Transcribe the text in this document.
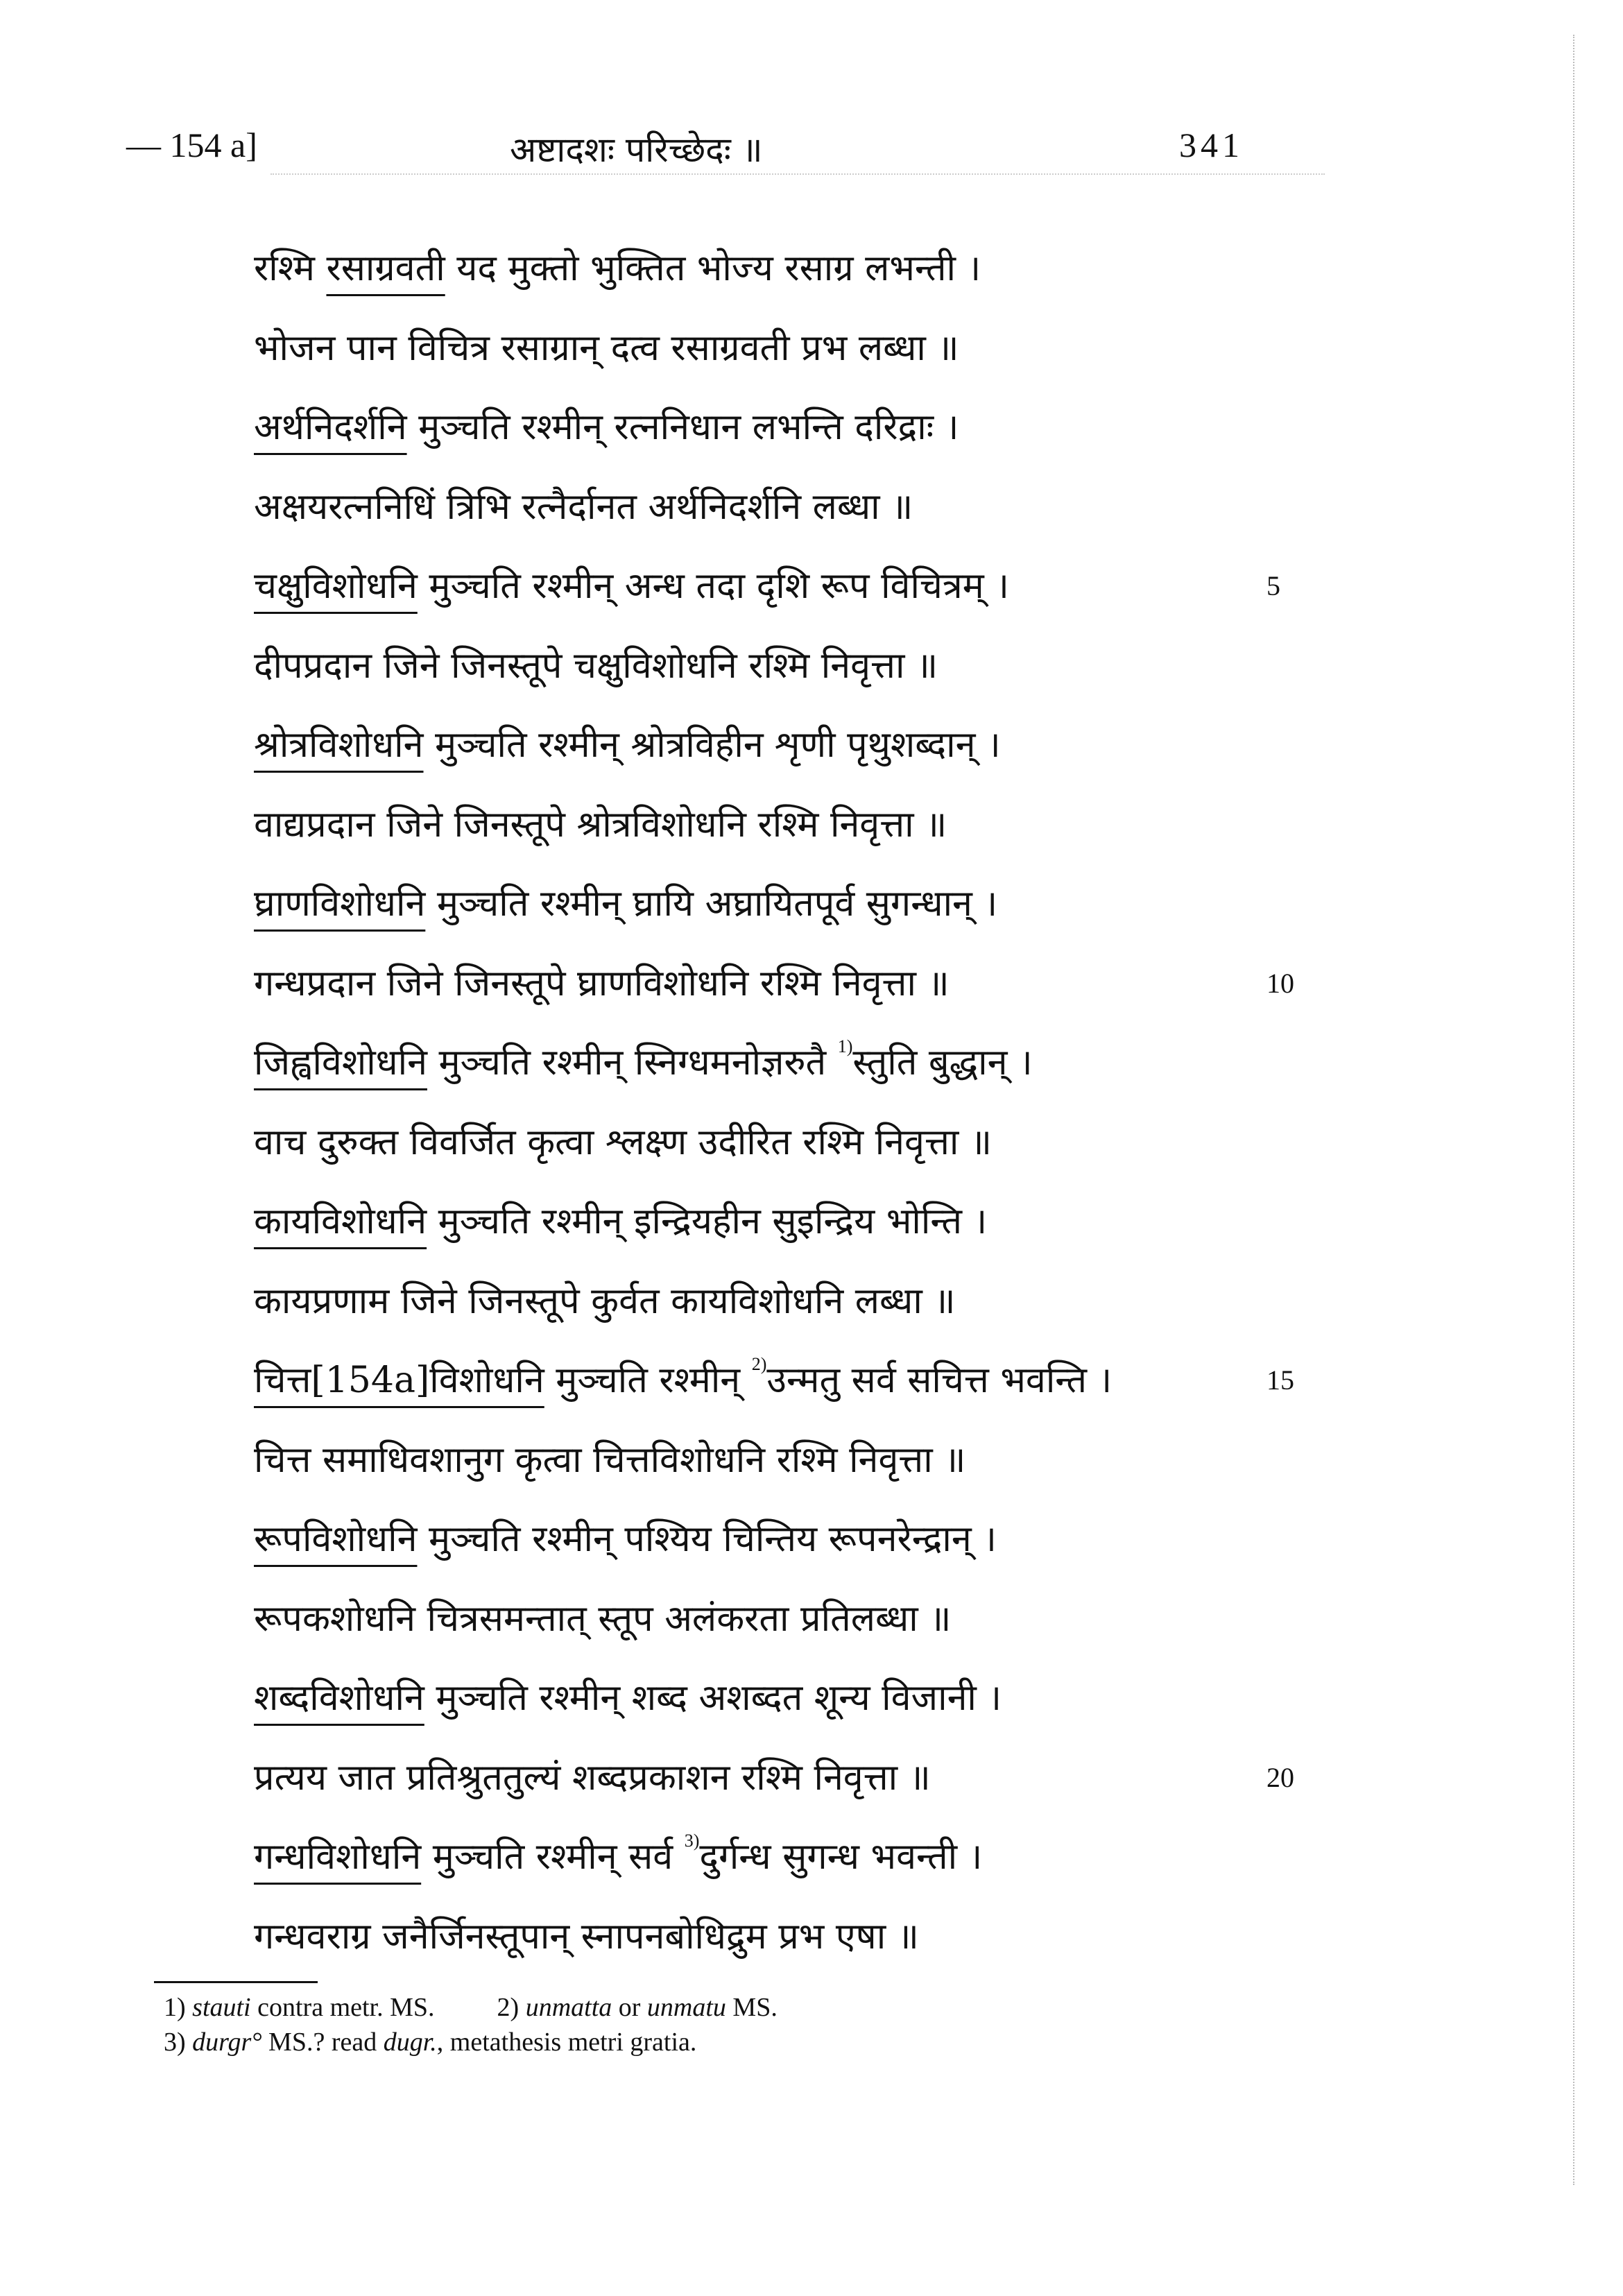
— 154 a]	अष्टादशः परिच्छेदः ॥	341
रश्मि रसाग्रवती यद मुक्तो भुक्तित भोज्य रसाग्र लभन्ती ।
भोजन पान विचित्र रसाग्रान् दत्व रसाग्रवती प्रभ लब्धा ॥
अर्थनिदर्शनि मुञ्चति रश्मीन् रत्ननिधान लभन्ति दरिद्राः ।
अक्षयरत्ननिधिं त्रिभि रत्नैर्दानत अर्थनिदर्शनि लब्धा ॥
चक्षुविशोधनि मुञ्चति रश्मीन् अन्ध तदा दृशि रूप विचित्रम् ।	5
दीपप्रदान जिने जिनस्तूपे चक्षुविशोधनि रश्मि निवृत्ता ॥
श्रोत्रविशोधनि मुञ्चति रश्मीन् श्रोत्रविहीन शृणी पृथुशब्दान् ।
वाद्यप्रदान जिने जिनस्तूपे श्रोत्रविशोधनि रश्मि निवृत्ता ॥
घ्राणविशोधनि मुञ्चति रश्मीन् घ्रायि अघ्रायितपूर्व सुगन्धान् ।
गन्धप्रदान जिने जिनस्तूपे घ्राणविशोधनि रश्मि निवृत्ता ॥	10
जिह्वविशोधनि मुञ्चति रश्मीन् स्निग्धमनोज्ञरुतै $^{1)}$स्तुति बुद्धान् ।
वाच दुरुक्त विवर्जित कृत्वा श्लक्ष्ण उदीरित रश्मि निवृत्ता ॥
कायविशोधनि मुञ्चति रश्मीन् इन्द्रियहीन सुइन्द्रिय भोन्ति ।
कायप्रणाम जिने जिनस्तूपे कुर्वत कायविशोधनि लब्धा ॥
चित्त[154a]विशोधनि मुञ्चति रश्मीन् $^{2)}$उन्मतु सर्व सचित्त भवन्ति ।	15
चित्त समाधिवशानुग कृत्वा चित्तविशोधनि रश्मि निवृत्ता ॥
रूपविशोधनि मुञ्चति रश्मीन् पश्यिय चिन्तिय रूपनरेन्द्रान् ।
रूपकशोधनि चित्रसमन्तात् स्तूप अलंकरता प्रतिलब्धा ॥
शब्दविशोधनि मुञ्चति रश्मीन् शब्द अशब्दत शून्य विजानी ।
प्रत्यय जात प्रतिश्रुततुल्यं शब्दप्रकाशन रश्मि निवृत्ता ॥	20
गन्धविशोधनि मुञ्चति रश्मीन् सर्व $^{3)}$दुर्गन्ध सुगन्ध भवन्ती ।
गन्धवराग्र जनैर्जिनस्तूपान् स्नापनबोधिद्रुम प्रभ एषा ॥
1) stauti contra metr. MS. 2) unmatta or unmatu MS.
3) durgr° MS.? read dugr., metathesis metri gratia.
